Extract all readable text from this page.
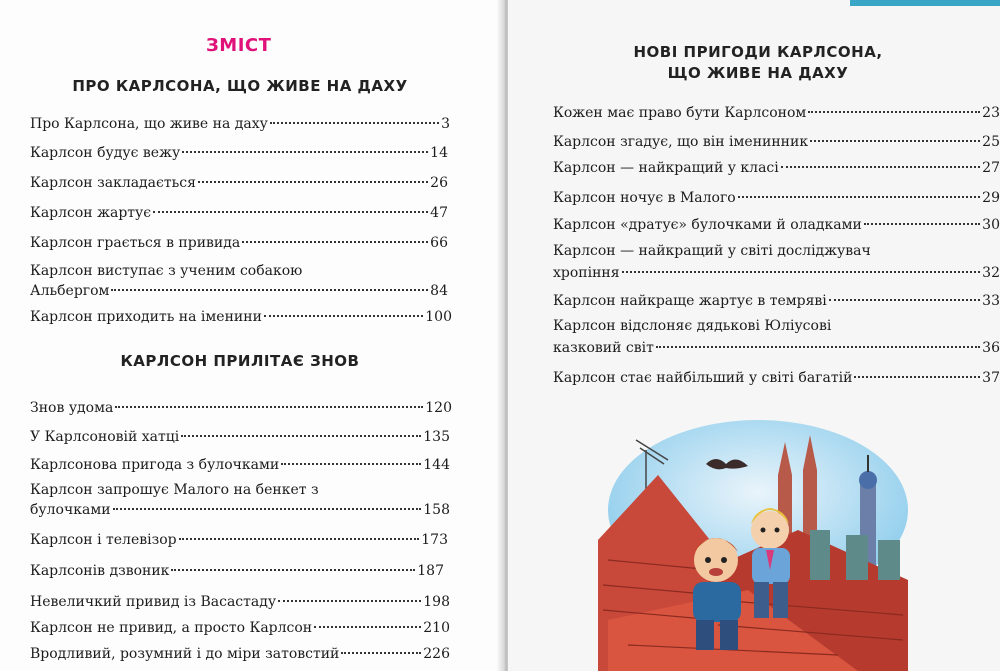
ЗМІСТ
ПРО КАРЛСОНА, ЩО ЖИВЕ НА ДАХУ
Про Карлсона, що живе на даху	3
Карлсон будує вежу	14
Карлсон закладається	26
Карлсон жартує	47
Карлсон грається в привида	66
Карлсон виступає з ученим собакою
Альбергом	84
Карлсон приходить на іменини	100
КАРЛСОН ПРИЛІТАЄ ЗНОВ
Знов удома	120
У Карлсоновій хатці	135
Карлсонова пригода з булочками	144
Карлсон запрошує Малого на бенкет з
булочками	158
Карлсон і телевізор	173
Карлсонів дзвоник	187
Невеличкий привид із Васастаду	198
Карлсон не привид, а просто Карлсон	210
Вродливий, розумний і до міри затовстий	226
НОВІ ПРИГОДИ КАРЛСОНА,
ЩО ЖИВЕ НА ДАХУ
Кожен має право бути Карлсоном	23
Карлсон згадує, що він іменинник	25
Карлсон — найкращий у класі	27
Карлсон ночує в Малого	29
Карлсон «дратує» булочками й оладками	30
Карлсон — найкращий у світі досліджувач
хропіння	32
Карлсон найкраще жартує в темряві	33
Карлсон відслоняє дядькові Юліусові
казковий світ	36
Карлсон стає найбільший у світі багатій	37
